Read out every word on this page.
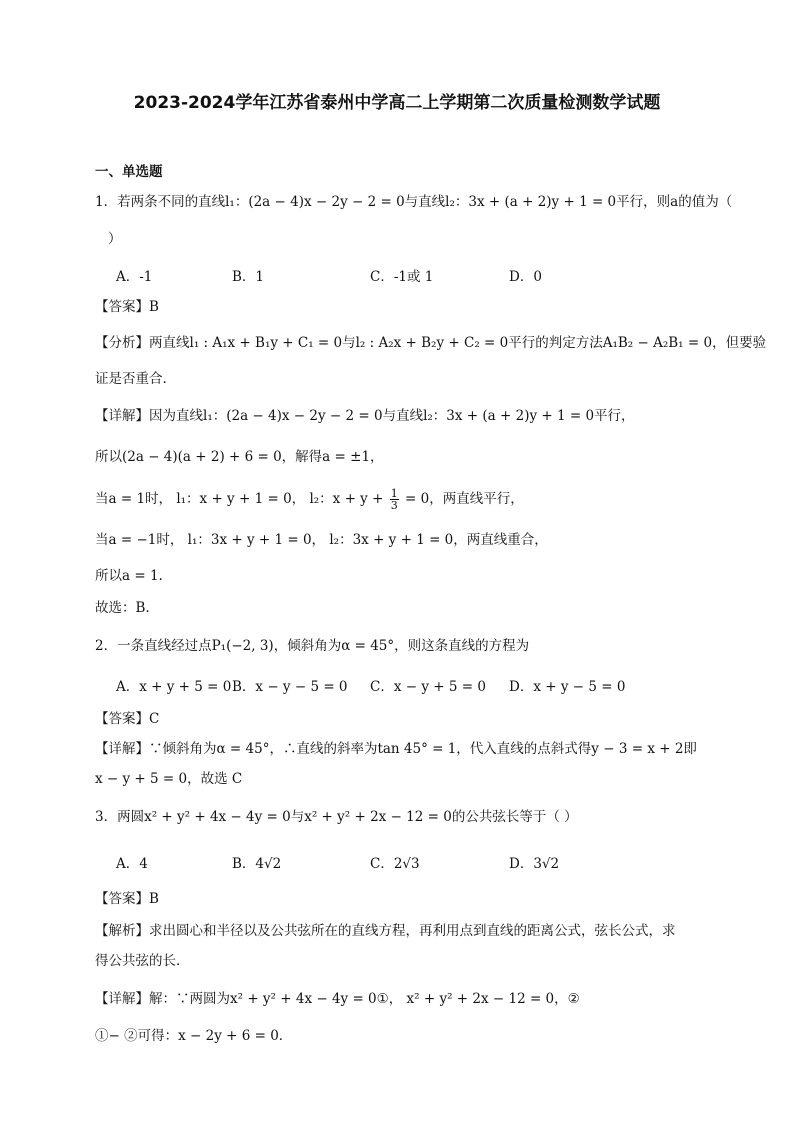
2023-2024学年江苏省泰州中学高二上学期第二次质量检测数学试题
一、单选题
1．若两条不同的直线l₁：(2a − 4)x − 2y − 2 = 0与直线l₂：3x + (a + 2)y + 1 = 0平行，则a的值为（
）
A．-1	B．1	C．-1或 1	D．0
【答案】B
【分析】两直线l₁ : A₁x + B₁y + C₁ = 0与l₂ : A₂x + B₂y + C₂ = 0平行的判定方法A₁B₂ − A₂B₁ = 0，但要验
证是否重合.
【详解】因为直线l₁：(2a − 4)x − 2y − 2 = 0与直线l₂：3x + (a + 2)y + 1 = 0平行，
所以(2a − 4)(a + 2) + 6 = 0，解得a = ±1，
当a = 1时， l₁：x + y + 1 = 0， l₂：$x + y + \frac{1}{3} = 0$，两直线平行，
当a = −1时， l₁：3x + y + 1 = 0， l₂：3x + y + 1 = 0，两直线重合，
所以a = 1.
故选：B.
2．一条直线经过点P₁(−2, 3)，倾斜角为α = 45°，则这条直线的方程为
A．x + y + 5 = 0 B．x − y − 5 = 0 C．x − y + 5 = 0 D．x + y − 5 = 0
【答案】C
【详解】∵倾斜角为α = 45°，∴直线的斜率为tan 45° = 1，代入直线的点斜式得y − 3 = x + 2即
x − y + 5 = 0，故选 C
3．两圆x² + y² + 4x − 4y = 0与x² + y² + 2x − 12 = 0的公共弦长等于（ ）
A．4	B．4√2	C．2√3	D．3√2
【答案】B
【解析】求出圆心和半径以及公共弦所在的直线方程，再利用点到直线的距离公式，弦长公式，求
得公共弦的长．
【详解】解：∵两圆为x² + y² + 4x − 4y = 0①， x² + y² + 2x − 12 = 0，②
①− ②可得：x − 2y + 6 = 0．
